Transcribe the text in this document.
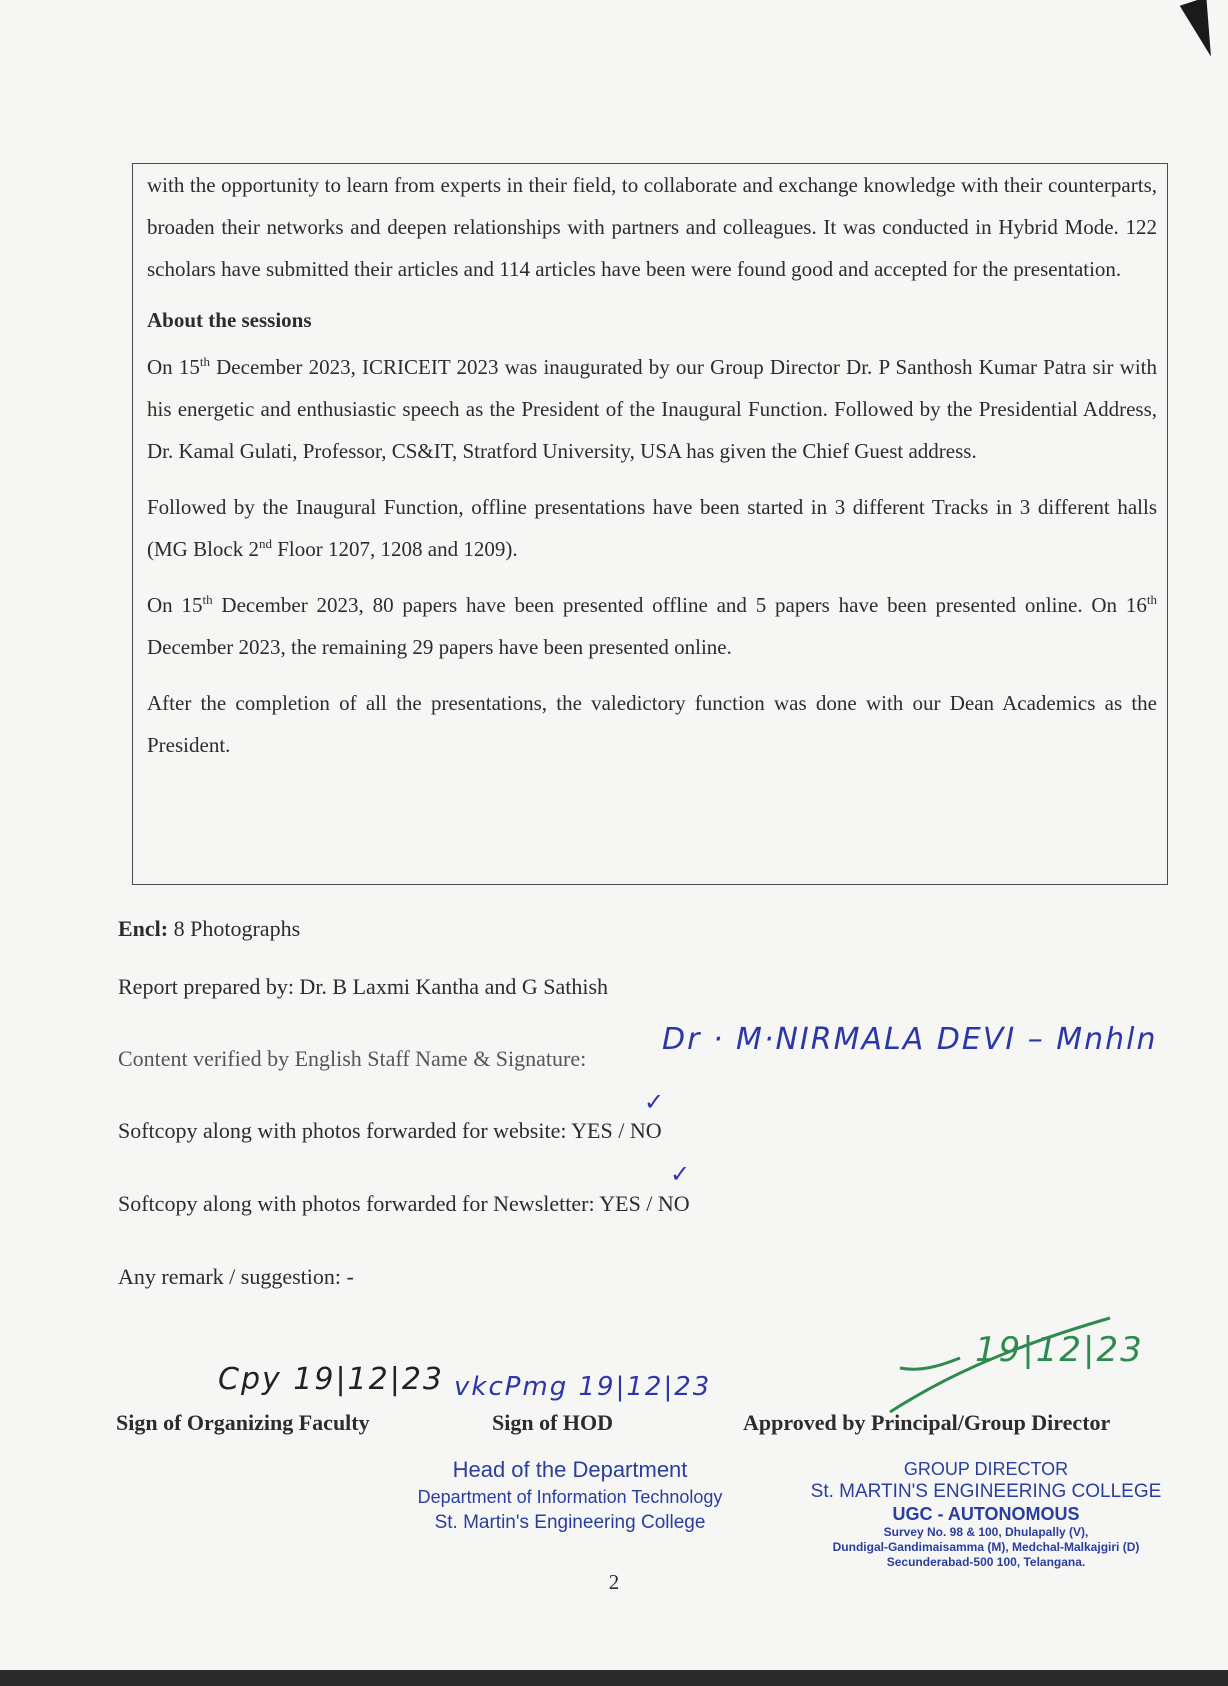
with the opportunity to learn from experts in their field, to collaborate and exchange knowledge with their counterparts, broaden their networks and deepen relationships with partners and colleagues. It was conducted in Hybrid Mode. 122 scholars have submitted their articles and 114 articles have been were found good and accepted for the presentation.

About the sessions

On 15th December 2023, ICRICEIT 2023 was inaugurated by our Group Director Dr. P Santhosh Kumar Patra sir with his energetic and enthusiastic speech as the President of the Inaugural Function. Followed by the Presidential Address, Dr. Kamal Gulati, Professor, CS&IT, Stratford University, USA has given the Chief Guest address.

Followed by the Inaugural Function, offline presentations have been started in 3 different Tracks in 3 different halls (MG Block 2nd Floor 1207, 1208 and 1209).

On 15th December 2023, 80 papers have been presented offline and 5 papers have been presented online. On 16th December 2023, the remaining 29 papers have been presented online.

After the completion of all the presentations, the valedictory function was done with our Dean Academics as the President.

Encl: 8 Photographs
Report prepared by: Dr. B Laxmi Kantha and G Sathish
Content verified by English Staff Name & Signature:
Dr · M·NIRMALA DEVI – Mnhln
✓
Softcopy along with photos forwarded for website: YES / NO
✓
Softcopy along with photos forwarded for Newsletter: YES / NO
Any remark / suggestion: -
Cpy 19|12|23 vkcPmg 19|12|23
19|12|23
Sign of Organizing Faculty	Sign of HOD	Approved by Principal/Group Director
Head of the Department
Department of Information Technology
St. Martin's Engineering College
GROUP DIRECTOR
St. MARTIN'S ENGINEERING COLLEGE
UGC - AUTONOMOUS
Survey No. 98 & 100, Dhulapally (V),
Dundigal-Gandimaisamma (M), Medchal-Malkajgiri (D)
Secunderabad-500 100, Telangana.
2
